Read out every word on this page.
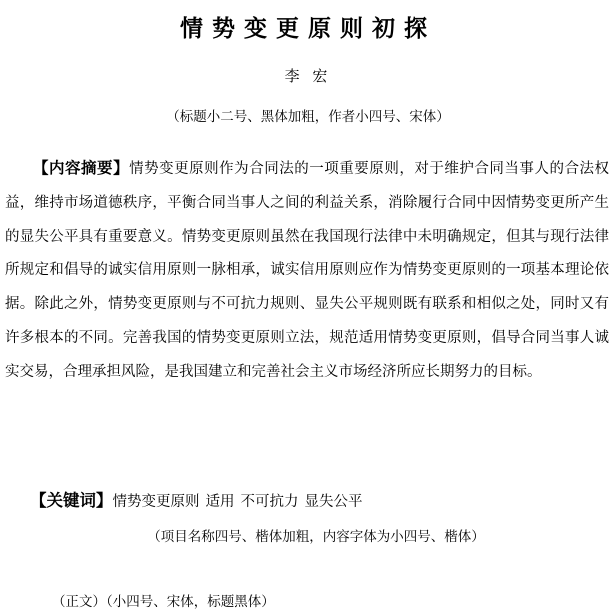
情势变更原则初探
李 宏
（标题小二号、黑体加粗，作者小四号、宋体）

【内容摘要】情势变更原则作为合同法的一项重要原则，对于维护合同当事人的合法权益，维持市场道德秩序，平衡合同当事人之间的利益关系，消除履行合同中因情势变更所产生的显失公平具有重要意义。情势变更原则虽然在我国现行法律中未明确规定，但其与现行法律所规定和倡导的诚实信用原则一脉相承，诚实信用原则应作为情势变更原则的一项基本理论依据。除此之外，情势变更原则与不可抗力规则、显失公平规则既有联系和相似之处，同时又有许多根本的不同。完善我国的情势变更原则立法，规范适用情势变更原则，倡导合同当事人诚实交易，合理承担风险，是我国建立和完善社会主义市场经济所应长期努力的目标。

【关键词】情势变更原则 适用 不可抗力 显失公平
（项目名称四号、楷体加粗，内容字体为小四号、楷体）
（正文）（小四号、宋体，标题黑体）
